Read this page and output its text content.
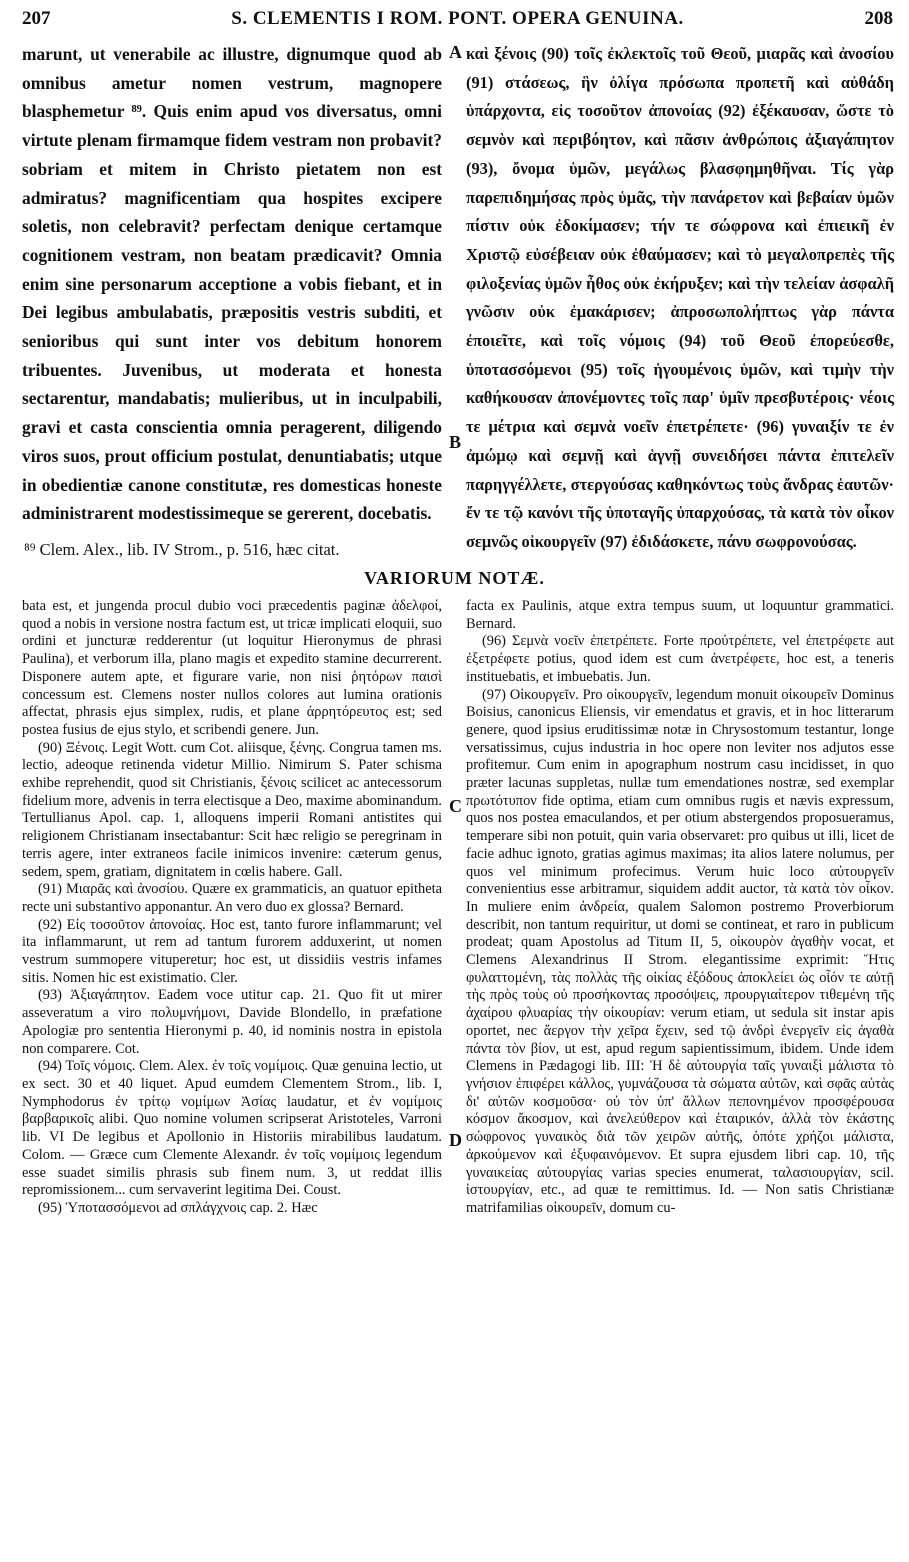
207	S. CLEMENTIS I ROM. PONT. OPERA GENUINA.	208

marunt, ut venerabile ac illustre, dignumque quod ab omnibus ametur nomen vestrum, magnopere blasphemetur ⁸⁹. Quis enim apud vos diversatus, omni virtute plenam firmamque fidem vestram non probavit? sobriam et mitem in Christo pietatem non est admiratus? magnificentiam qua hospites excipere soletis, non celebravit? perfectam denique certamque cognitionem vestram, non beatam prædicavit? Omnia enim sine personarum acceptione a vobis fiebant, et in Dei legibus ambulabatis, præpositis vestris subditi, et senioribus qui sunt inter vos debitum honorem tribuentes. Juvenibus, ut moderata et honesta sectarentur, mandabatis; mulieribus, ut in inculpabili, gravi et casta conscientia omnia peragerent, diligendo viros suos, prout officium postulat, denuntiabatis; utque in obedientiæ canone constitutæ, res domesticas honeste administrarent modestissimeque se gererent, docebatis.

καὶ ξένοις (90) τοῖς ἐκλεκτοῖς τοῦ Θεοῦ, μιαρᾶς καὶ ἀνοσίου (91) στάσεως, ἣν ὀλίγα πρόσωπα προπετῆ καὶ αὐθάδη ὑπάρχοντα, εἰς τοσοῦτον ἀπονοίας (92) ἐξέκαυσαν, ὥστε τὸ σεμνὸν καὶ περιβόητον, καὶ πᾶσιν ἀνθρώποις ἀξιαγάπητον (93), ὄνομα ὑμῶν, μεγάλως βλασφημηθῆναι. Τίς γὰρ παρεπιδημήσας πρὸς ὑμᾶς, τὴν πανάρετον καὶ βεβαίαν ὑμῶν πίστιν οὐκ ἐδοκίμασεν; τήν τε σώφρονα καὶ ἐπιεικῆ ἐν Χριστῷ εὐσέβειαν οὐκ ἐθαύμασεν; καὶ τὸ μεγαλοπρεπὲς τῆς φιλοξενίας ὑμῶν ἦθος οὐκ ἐκήρυξεν; καὶ τὴν τελείαν ἀσφαλῆ γνῶσιν οὐκ ἐμακάρισεν; ἀπροσωπολήπτως γὰρ πάντα ἐποιεῖτε, καὶ τοῖς νόμοις (94) τοῦ Θεοῦ ἐπορεύεσθε, ὑποτασσόμενοι (95) τοῖς ἡγουμένοις ὑμῶν, καὶ τιμὴν τὴν καθήκουσαν ἀπονέμοντες τοῖς παρ' ὑμῖν πρεσβυτέροις· νέοις τε μέτρια καὶ σεμνὰ νοεῖν ἐπετρέπετε· (96) γυναιξίν τε ἐν ἀμώμῳ καὶ σεμνῇ καὶ ἁγνῇ συνειδήσει πάντα ἐπιτελεῖν παρηγγέλλετε, στεργούσας καθηκόντως τοὺς ἄνδρας ἑαυτῶν· ἔν τε τῷ κανόνι τῆς ὑποταγῆς ὑπαρχούσας, τὰ κατὰ τὸν οἶκον σεμνῶς οἰκουργεῖν (97) ἐδιδάσκετε, πάνυ σωφρονούσας.

A
B
C
D

⁸⁹ Clem. Alex., lib. IV Strom., p. 516, hæc citat.

VARIORUM NOTÆ.

bata est, et jungenda procul dubio voci præcedentis paginæ ἀδελφοί, quod a nobis in versione nostra factum est, ut tricæ implicati eloquii, suo ordini et juncturæ redderentur (ut loquitur Hieronymus de phrasi Paulina), et verborum illa, plano magis et expedito stamine decurrerent. Disponere autem apte, et figurare varie, non nisi ῥητόρων παισὶ concessum est. Clemens noster nullos colores aut lumina orationis affectat, phrasis ejus simplex, rudis, et plane ἀρρητόρευτος est; sed postea fusius de ejus stylo, et scribendi genere. Jun.

(90) Ξένοις. Legit Wott. cum Cot. aliisque, ξένης. Congrua tamen ms. lectio, adeoque retinenda videtur Millio. Nimirum S. Pater schisma exhibe reprehendit, quod sit Christianis, ξένοις scilicet ac antecessorum fidelium more, advenis in terra electisque a Deo, maxime abominandum. Tertullianus Apol. cap. 1, alloquens imperii Romani antistites qui religionem Christianam insectabantur: Scit hæc religio se peregrinam in terris agere, inter extraneos facile inimicos invenire: cæterum genus, sedem, spem, gratiam, dignitatem in cœlis habere. Gall.

(91) Μιαρᾶς καὶ ἀνοσίου. Quære ex grammaticis, an quatuor epitheta recte uni substantivo apponantur. An vero duo ex glossa? Bernard.

(92) Εἰς τοσοῦτον ἀπονοίας. Hoc est, tanto furore inflammarunt; vel ita inflammarunt, ut rem ad tantum furorem adduxerint, ut nomen vestrum summopere vituperetur; hoc est, ut dissidiis vestris infames sitis. Nomen hic est existimatio. Cler.

(93) Ἀξιαγάπητον. Eadem voce utitur cap. 21. Quo fit ut mirer asseveratum a viro πολυμνήμονι, Davide Blondello, in præfatione Apologiæ pro sententia Hieronymi p. 40, id nominis nostra in epistola non comparere. Cot.

(94) Τοῖς νόμοις. Clem. Alex. ἐν τοῖς νομίμοις. Quæ genuina lectio, ut ex sect. 30 et 40 liquet. Apud eumdem Clementem Strom., lib. I, Nymphodorus ἐν τρίτῳ νομίμων Ἀσίας laudatur, et ἐν νομίμοις βαρβαρικοῖς alibi. Quo nomine volumen scripserat Aristoteles, Varroni lib. VI De legibus et Apollonio in Historiis mirabilibus laudatum. Colom. — Græce cum Clemente Alexandr. ἐν τοῖς νομίμοις legendum esse suadet similis phrasis sub finem num. 3, ut reddat illis repromissionem... cum servaverint legitima Dei. Coust.

(95) Ὑποτασσόμενοι ad σπλάγχνοις cap. 2. Hæc

facta ex Paulinis, atque extra tempus suum, ut loquuntur grammatici. Bernard.

(96) Σεμνὰ νοεῖν ἐπετρέπετε. Forte προὐτρέπετε, vel ἐπετρέφετε aut ἐξετρέφετε potius, quod idem est cum ἀνετρέφετε, hoc est, a teneris instituebatis, et imbuebatis. Jun.

(97) Οἰκουργεῖν. Pro οἰκουργεῖν, legendum monuit οἰκουρεῖν Dominus Boisius, canonicus Eliensis, vir emendatus et gravis, et in hoc litterarum genere, quod ipsius eruditissimæ notæ in Chrysostomum testantur, longe versatissimus, cujus industria in hoc opere non leviter nos adjutos esse profitemur. Cum enim in apographum nostrum casu incidisset, in quo præter lacunas suppletas, nullæ tum emendationes nostræ, sed exemplar πρωτότυπον fide optima, etiam cum omnibus rugis et nævis expressum, quos nos postea emaculandos, et per otium abstergendos proposueramus, temperare sibi non potuit, quin varia observaret: pro quibus ut illi, licet de facie adhuc ignoto, gratias agimus maximas; ita alios latere nolumus, per quos vel minimum profecimus. Verum huic loco αὐτουργεῖν convenientius esse arbitramur, siquidem addit auctor, τὰ κατὰ τὸν οἶκον. In muliere enim ἀνδρεία, qualem Salomon postremo Proverbiorum describit, non tantum requiritur, ut domi se contineat, et raro in publicum prodeat; quam Apostolus ad Titum II, 5, οἰκουρὸν ἀγαθὴν vocat, et Clemens Alexandrinus II Strom. elegantissime exprimit: Ἥτις φυλαττομένη, τὰς πολλὰς τῆς οἰκίας ἐξόδους ἀποκλείει ὡς οἷόν τε αὐτῇ τὴς πρὸς τοὺς οὐ προσήκοντας προσόψεις, προυργιαίτερον τιθεμένη τῆς ἀχαίρου φλυαρίας τὴν οἰκουρίαν: verum etiam, ut sedula sit instar apis oportet, nec ἄεργον τὴν χεῖρα ἔχειν, sed τῷ ἀνδρὶ ἐνεργεῖν εἰς ἀγαθὰ πάντα τὸν βίον, ut est, apud regum sapientissimum, ibidem. Unde idem Clemens in Pædagogi lib. III: Ἡ δὲ αὐτουργία ταῖς γυναιξὶ μάλιστα τὸ γνήσιον ἐπιφέρει κάλλος, γυμνάζουσα τὰ σώματα αὐτῶν, καὶ σφᾶς αὐτὰς δι' αὐτῶν κοσμοῦσα· οὐ τὸν ὑπ' ἄλλων πεπονημένον προσφέρουσα κόσμον ἄκοσμον, καὶ ἀνελεύθερον καὶ ἑταιρικόν, ἀλλὰ τὸν ἑκάστης σώφρονος γυναικὸς διὰ τῶν χειρῶν αὐτῆς, ὁπότε χρήζοι μάλιστα, ἀρκούμενον καὶ ἐξυφαινόμενον. Et supra ejusdem libri cap. 10, τῆς γυναικείας αὐτουργίας varias species enumerat, ταλασιουργίαν, scil. ἱστουργίαν, etc., ad quæ te remittimus. Id. — Non satis Christianæ matrifamilias οἰκουρεῖν, domum cu-
